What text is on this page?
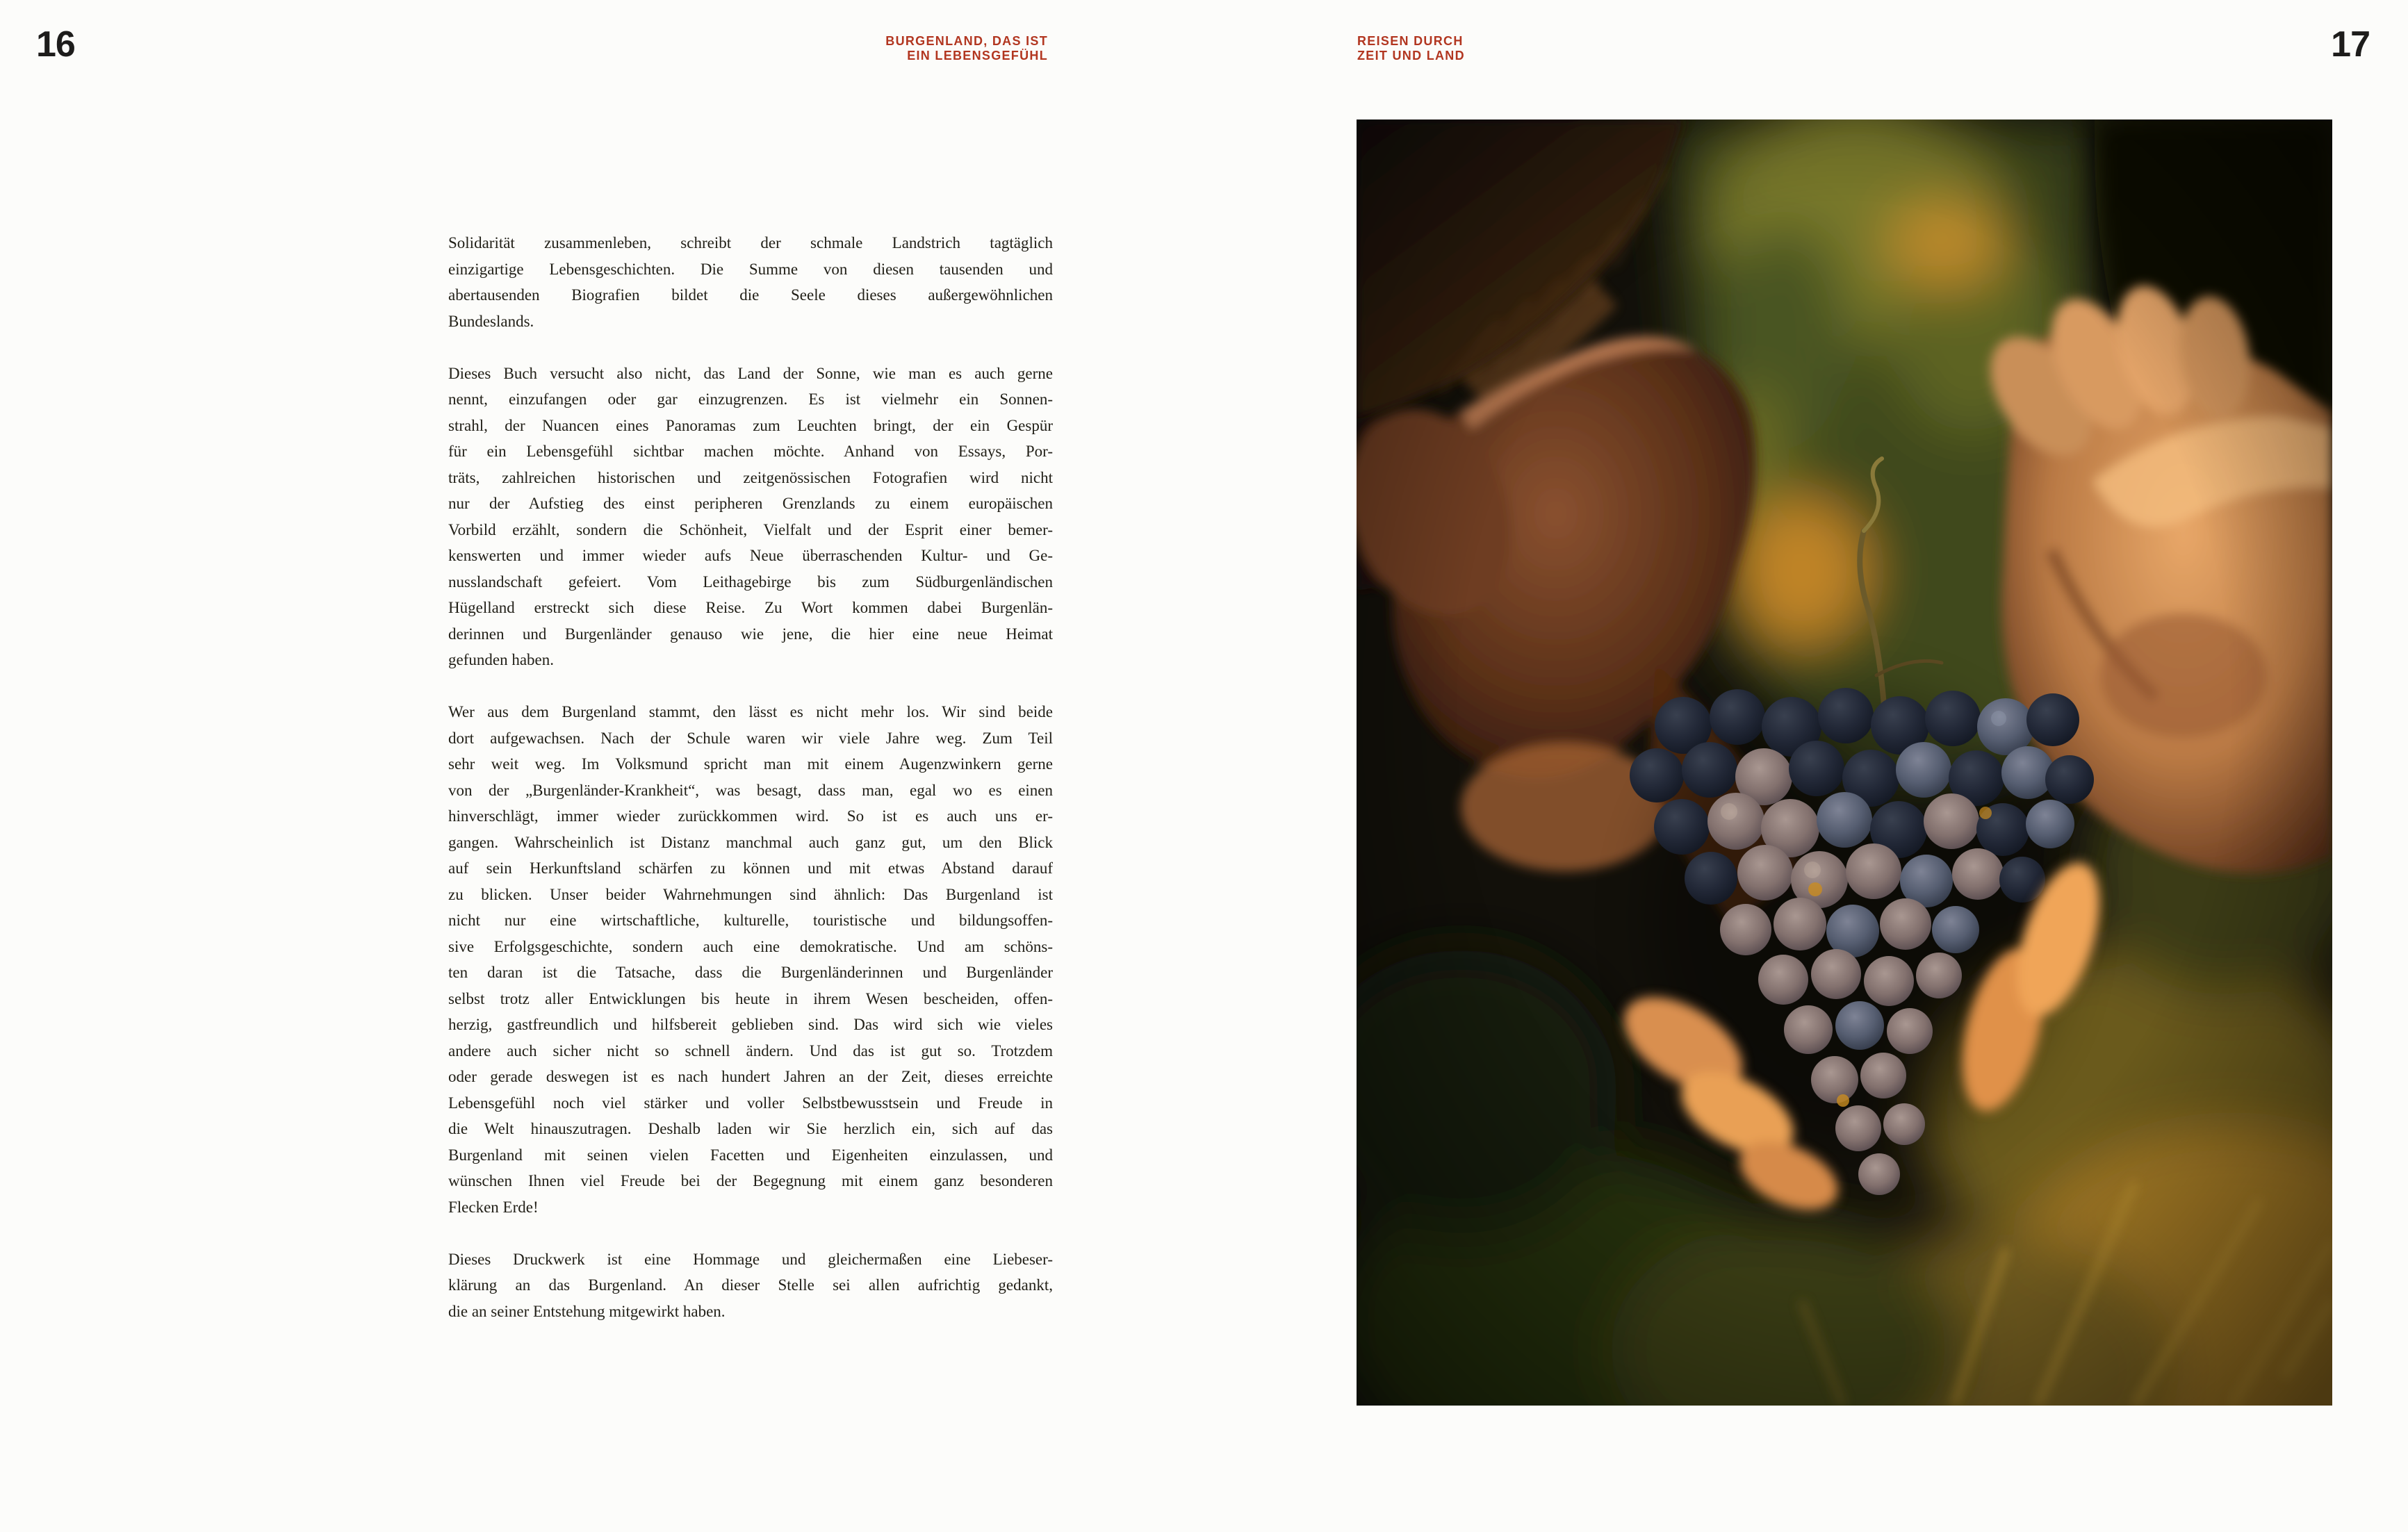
16	BURGENLAND, DAS IST
EIN LEBENSGEFÜHL
REISEN DURCH
ZEIT UND LAND	17

Solidarität zusammenleben, schreibt der schmale Landstrich tagtäglich
einzigartige Lebensgeschichten. Die Summe von diesen tausenden und
abertausenden Biografien bildet die Seele dieses außergewöhnlichen
Bundeslands.

Dieses Buch versucht also nicht, das Land der Sonne, wie man es auch gerne
nennt, einzufangen oder gar einzugrenzen. Es ist vielmehr ein Sonnen-
strahl, der Nuancen eines Panoramas zum Leuchten bringt, der ein Gespür
für ein Lebensgefühl sichtbar machen möchte. Anhand von Essays, Por-
träts, zahlreichen historischen und zeitgenössischen Fotografien wird nicht
nur der Aufstieg des einst peripheren Grenzlands zu einem europäischen
Vorbild erzählt, sondern die Schönheit, Vielfalt und der Esprit einer bemer-
kenswerten und immer wieder aufs Neue überraschenden Kultur- und Ge-
nusslandschaft gefeiert. Vom Leithagebirge bis zum Südburgenländischen
Hügelland erstreckt sich diese Reise. Zu Wort kommen dabei Burgenlän-
derinnen und Burgenländer genauso wie jene, die hier eine neue Heimat
gefunden haben.

Wer aus dem Burgenland stammt, den lässt es nicht mehr los. Wir sind beide
dort aufgewachsen. Nach der Schule waren wir viele Jahre weg. Zum Teil
sehr weit weg. Im Volksmund spricht man mit einem Augenzwinkern gerne
von der „Burgenländer-Krankheit“, was besagt, dass man, egal wo es einen
hinverschlägt, immer wieder zurückkommen wird. So ist es auch uns er-
gangen. Wahrscheinlich ist Distanz manchmal auch ganz gut, um den Blick
auf sein Herkunftsland schärfen zu können und mit etwas Abstand darauf
zu blicken. Unser beider Wahrnehmungen sind ähnlich: Das Burgenland ist
nicht nur eine wirtschaftliche, kulturelle, touristische und bildungsoffen-
sive Erfolgsgeschichte, sondern auch eine demokratische. Und am schöns-
ten daran ist die Tatsache, dass die Burgenländerinnen und Burgenländer
selbst trotz aller Entwicklungen bis heute in ihrem Wesen bescheiden, offen-
herzig, gastfreundlich und hilfsbereit geblieben sind. Das wird sich wie vieles
andere auch sicher nicht so schnell ändern. Und das ist gut so. Trotzdem
oder gerade deswegen ist es nach hundert Jahren an der Zeit, dieses erreichte
Lebensgefühl noch viel stärker und voller Selbstbewusstsein und Freude in
die Welt hinauszutragen. Deshalb laden wir Sie herzlich ein, sich auf das
Burgenland mit seinen vielen Facetten und Eigenheiten einzulassen, und
wünschen Ihnen viel Freude bei der Begegnung mit einem ganz besonderen
Flecken Erde!

Dieses Druckwerk ist eine Hommage und gleichermaßen eine Liebeser-
klärung an das Burgenland. An dieser Stelle sei allen aufrichtig gedankt,
die an seiner Entstehung mitgewirkt haben.
